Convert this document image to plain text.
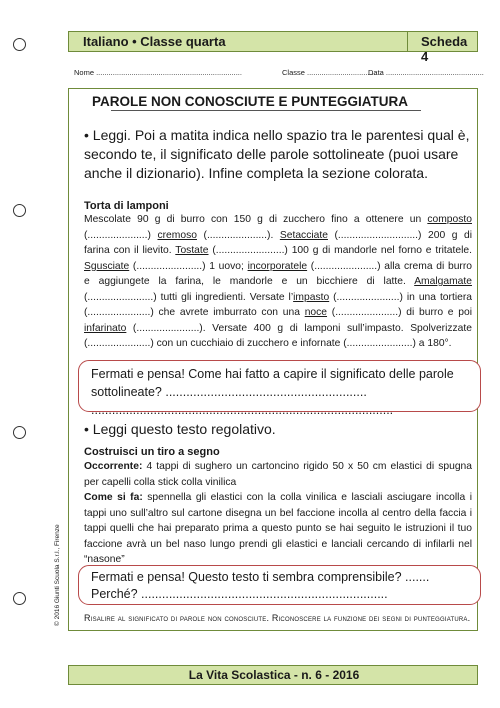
Italiano • Classe quarta	Scheda 4
Nome ......................................................................	Classe ....................................
Data ...............................................
PAROLE NON CONOSCIUTE E PUNTEGGIATURA
• Leggi. Poi a matita indica nello spazio tra le parentesi qual è, secondo te, il significato delle parole sottolineate (puoi usare anche il dizionario). Infine completa la sezione colorata.
Torta di lamponi
Mescolate 90 g di burro con 150 g di zucchero fino a ottenere un composto (.....................) cremoso (.....................). Setacciate (............................) 200 g di farina con il lievito. Tostate (........................) 100 g di mandorle nel forno e tritatele. Sgusciate (.......................) 1 uovo; incorporatele (......................) alla crema di burro e aggiungete la farina, le mandorle e un bicchiere di latte. Amalgamate (.......................) tutti gli ingredienti. Versate l’impasto (......................) in una tortiera (......................) che avrete imburrato con una noce (......................) di burro e poi infarinato (......................). Versate 400 g di lamponi sull’impasto. Spolverizzate (......................) con un cucchiaio di zucchero e infornate (.......................) a 180°.
Fermati e pensa! Come hai fatto a capire il significato delle parole sottolineate? .......................................................... .......................................................................................
• Leggi questo testo regolativo.
Costruisci un tiro a segno
Occorrente: 4 tappi di sughero un cartoncino rigido 50 x 50 cm elastici di spugna per capelli colla stick colla vinilica
Come si fa: spennella gli elastici con la colla vinilica e lasciali asciugare incolla i tappi uno sull’altro sul cartone disegna un bel faccione incolla al centro della faccia i tappi quelli che hai preparato prima a questo punto se hai seguito le istruzioni il tuo faccione avrà un bel naso lungo prendi gli elastici e lanciali cercando di infilarli nel “nasone”
Fermati e pensa! Questo testo ti sembra comprensibile? ....... Perché? .......................................................................
Risalire al significato di parole non conosciute. Riconoscere la funzione dei segni di punteggiatura.
© 2016 Giunti Scuola S.r.l., Firenze
La Vita Scolastica - n. 6 - 2016
